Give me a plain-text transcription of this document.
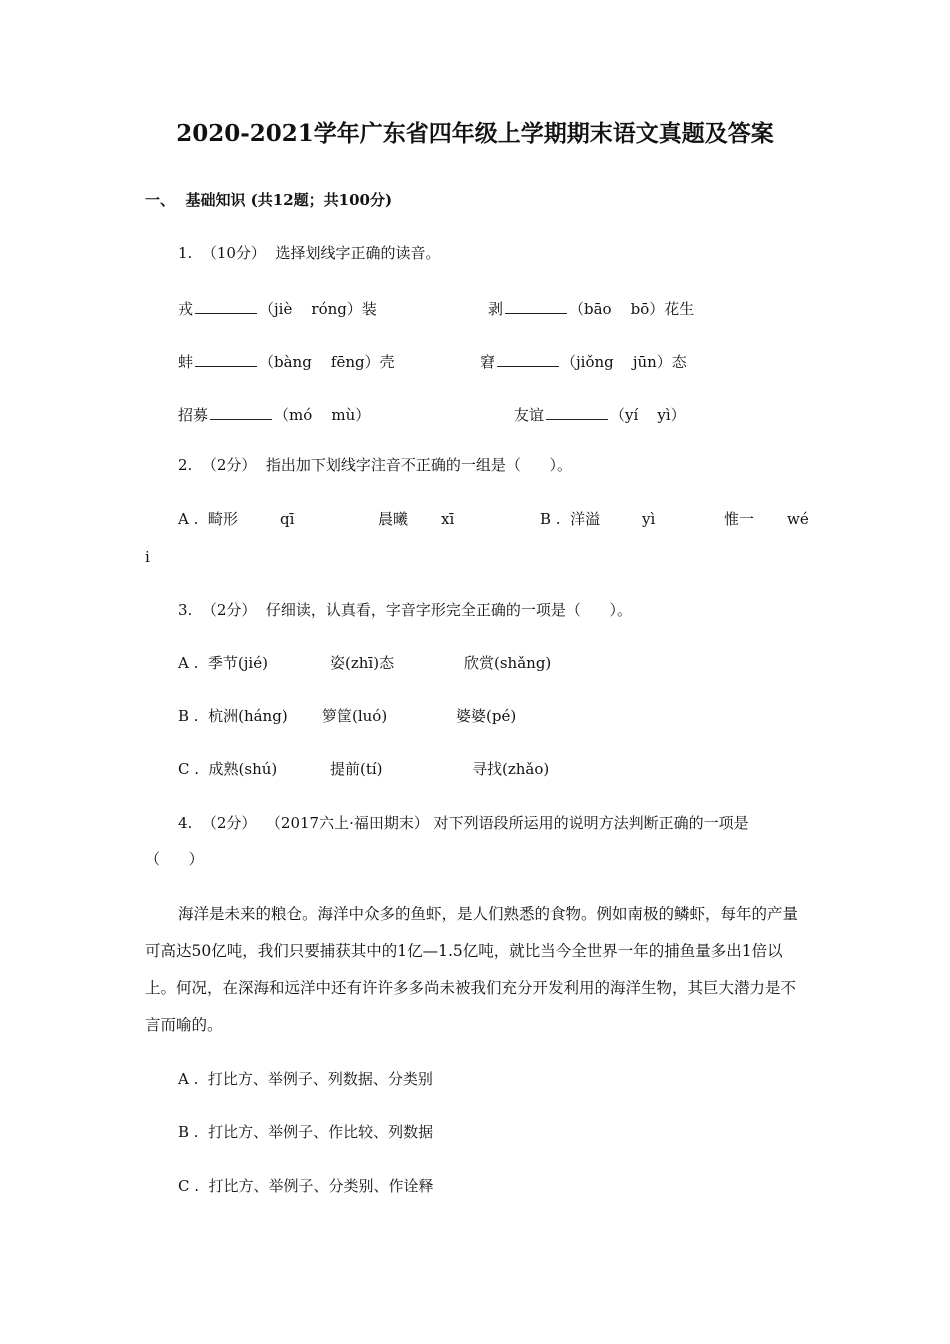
2020-2021学年广东省四年级上学期期末语文真题及答案
一、  基础知识 (共12题；共100分)
1.  （10分）  选择划线字正确的读音。
戎	（jiè    róng）装	剥	（bāo    bō）花生
蚌	（bàng    fēng）壳	窘	（jiǒng    jūn）态
招募	（mó    mù）	友谊	（yí    yì）
2.  （2分）  指出加下划线字注音不正确的一组是（      ）。
A .  畸形	qī	晨曦 xī	B .  洋溢	yì	惟一 wé
i
3.  （2分）  仔细读，认真看，字音字形完全正确的一项是（      ）。
A .  季节(jié)	姿(zhī)态	欣赏(shǎng)
B .  杭洲(háng) 箩筐(luó)	婆婆(pé)
C .  成熟(shú)	提前(tí)	寻找(zhǎo)
4.  （2分）  （2017六上·福田期末） 对下列语段所运用的说明方法判断正确的一项是
（      ）
海洋是未来的粮仓。海洋中众多的鱼虾，是人们熟悉的食物。例如南极的鳞虾，每年的产量可高达50亿吨，我们只要捕获其中的1亿—1.5亿吨，就比当今全世界一年的捕鱼量多出1倍以上。何况，在深海和远洋中还有许许多多尚未被我们充分开发利用的海洋生物，其巨大潜力是不言而喻的。
A .  打比方、举例子、列数据、分类别
B .  打比方、举例子、作比较、列数据
C .  打比方、举例子、分类别、作诠释
